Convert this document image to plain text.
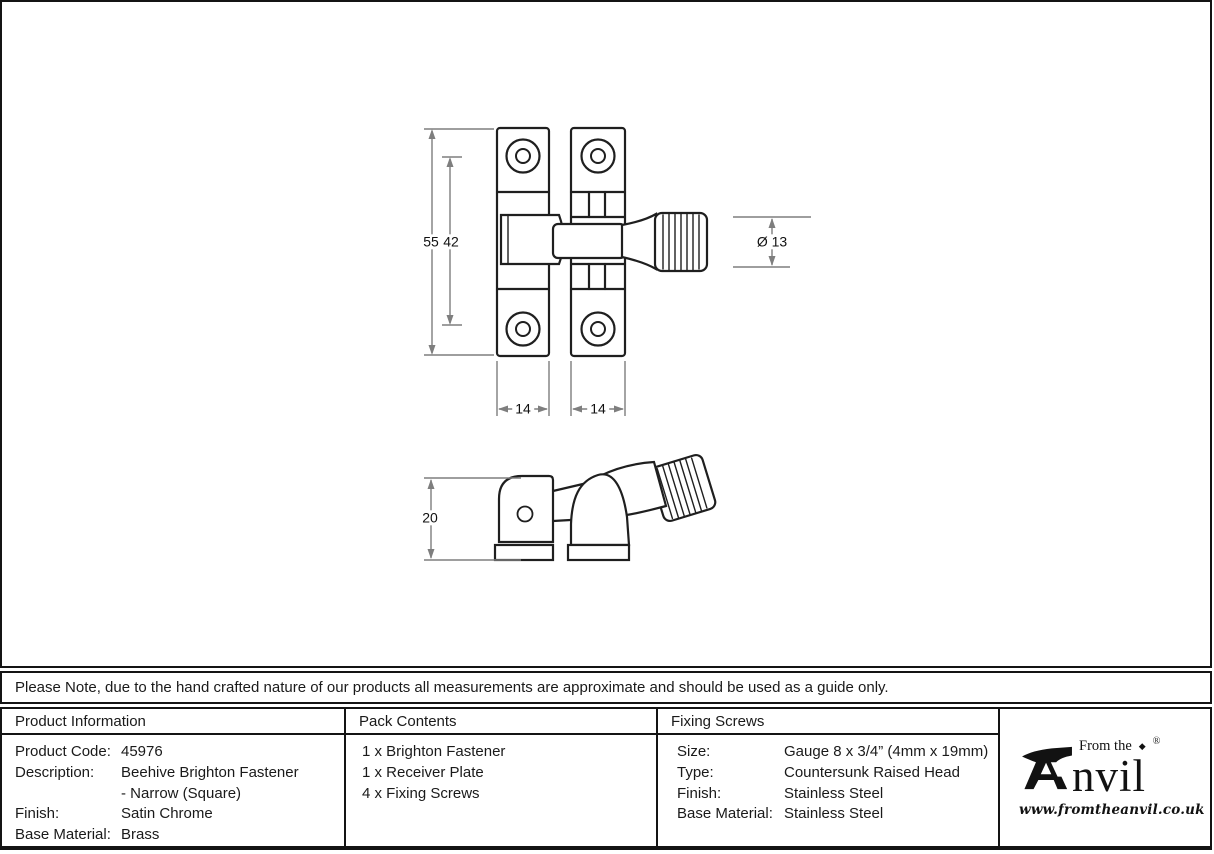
55 42	Ø 13
14	14
20
Please Note, due to the hand crafted nature of our products all measurements are approximate and should be used as a guide only.
Product Information	Pack Contents	Fixing Screws
From the ◆ ®
nvil
www.fromtheanvil.co.uk
Product Code: 45976
Description:	Beehive Brighton Fastener
- Narrow (Square)
Finish:	Satin Chrome
Base Material: Brass
1 x Brighton Fastener
1 x Receiver Plate
4 x Fixing Screws
Size:	Gauge 8 x 3/4” (4mm x 19mm)
Type:	Countersunk Raised Head
Finish:	Stainless Steel
Base Material: Stainless Steel
